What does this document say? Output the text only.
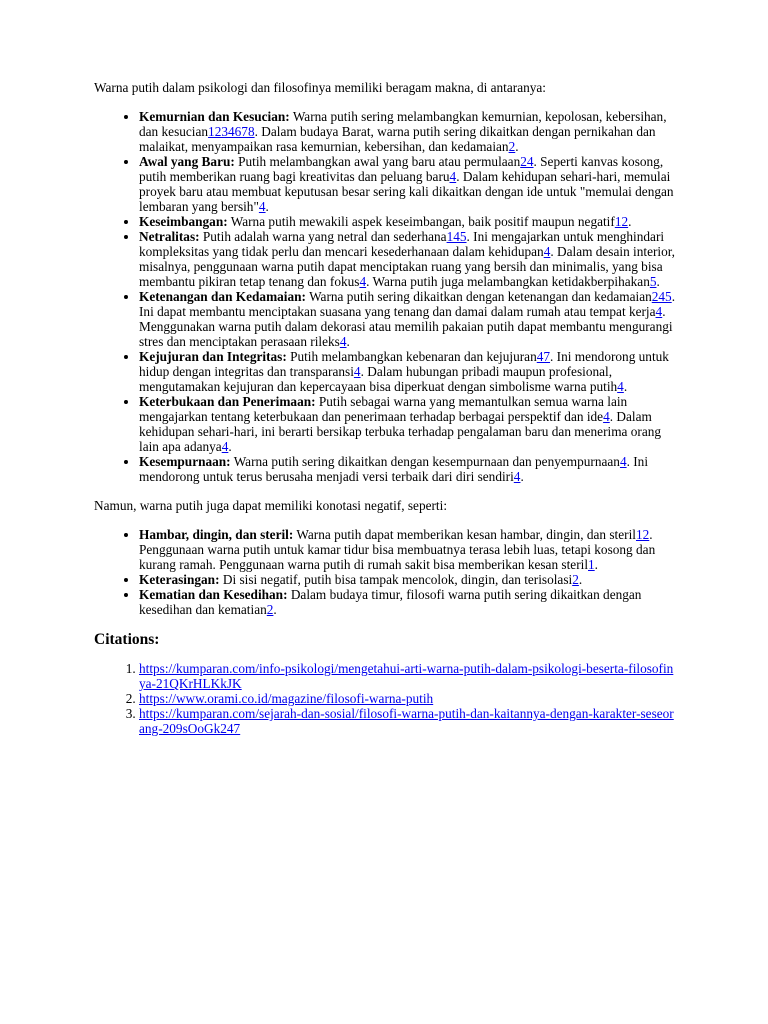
Warna putih dalam psikologi dan filosofinya memiliki beragam makna, di antaranya:

• Kemurnian dan Kesucian: Warna putih sering melambangkan kemurnian, kepolosan, kebersihan, dan kesucian1234678. Dalam budaya Barat, warna putih sering dikaitkan dengan pernikahan dan malaikat, menyampaikan rasa kemurnian, kebersihan, dan kedamaian2.
• Awal yang Baru: Putih melambangkan awal yang baru atau permulaan24. Seperti kanvas kosong, putih memberikan ruang bagi kreativitas dan peluang baru4. Dalam kehidupan sehari-hari, memulai proyek baru atau membuat keputusan besar sering kali dikaitkan dengan ide untuk "memulai dengan lembaran yang bersih"4.
• Keseimbangan: Warna putih mewakili aspek keseimbangan, baik positif maupun negatif12.
• Netralitas: Putih adalah warna yang netral dan sederhana145. Ini mengajarkan untuk menghindari kompleksitas yang tidak perlu dan mencari kesederhanaan dalam kehidupan4. Dalam desain interior, misalnya, penggunaan warna putih dapat menciptakan ruang yang bersih dan minimalis, yang bisa membantu pikiran tetap tenang dan fokus4. Warna putih juga melambangkan ketidakberpihakan5.
• Ketenangan dan Kedamaian: Warna putih sering dikaitkan dengan ketenangan dan kedamaian245. Ini dapat membantu menciptakan suasana yang tenang dan damai dalam rumah atau tempat kerja4. Menggunakan warna putih dalam dekorasi atau memilih pakaian putih dapat membantu mengurangi stres dan menciptakan perasaan rileks4.
• Kejujuran dan Integritas: Putih melambangkan kebenaran dan kejujuran47. Ini mendorong untuk hidup dengan integritas dan transparansi4. Dalam hubungan pribadi maupun profesional, mengutamakan kejujuran dan kepercayaan bisa diperkuat dengan simbolisme warna putih4.
• Keterbukaan dan Penerimaan: Putih sebagai warna yang memantulkan semua warna lain mengajarkan tentang keterbukaan dan penerimaan terhadap berbagai perspektif dan ide4. Dalam kehidupan sehari-hari, ini berarti bersikap terbuka terhadap pengalaman baru dan menerima orang lain apa adanya4.
• Kesempurnaan: Warna putih sering dikaitkan dengan kesempurnaan dan penyempurnaan4. Ini mendorong untuk terus berusaha menjadi versi terbaik dari diri sendiri4.

Namun, warna putih juga dapat memiliki konotasi negatif, seperti:

• Hambar, dingin, dan steril: Warna putih dapat memberikan kesan hambar, dingin, dan steril12. Penggunaan warna putih untuk kamar tidur bisa membuatnya terasa lebih luas, tetapi kosong dan kurang ramah. Penggunaan warna putih di rumah sakit bisa memberikan kesan steril1.
• Keterasingan: Di sisi negatif, putih bisa tampak mencolok, dingin, dan terisolasi2.
• Kematian dan Kesedihan: Dalam budaya timur, filosofi warna putih sering dikaitkan dengan kesedihan dan kematian2.
Citations:
1. https://kumparan.com/info-psikologi/mengetahui-arti-warna-putih-dalam-psikologi-beserta-filosofinya-21QKrHLKkJK
2. https://www.orami.co.id/magazine/filosofi-warna-putih
3. https://kumparan.com/sejarah-dan-sosial/filosofi-warna-putih-dan-kaitannya-dengan-karakter-seseorang-209sOoGk247
